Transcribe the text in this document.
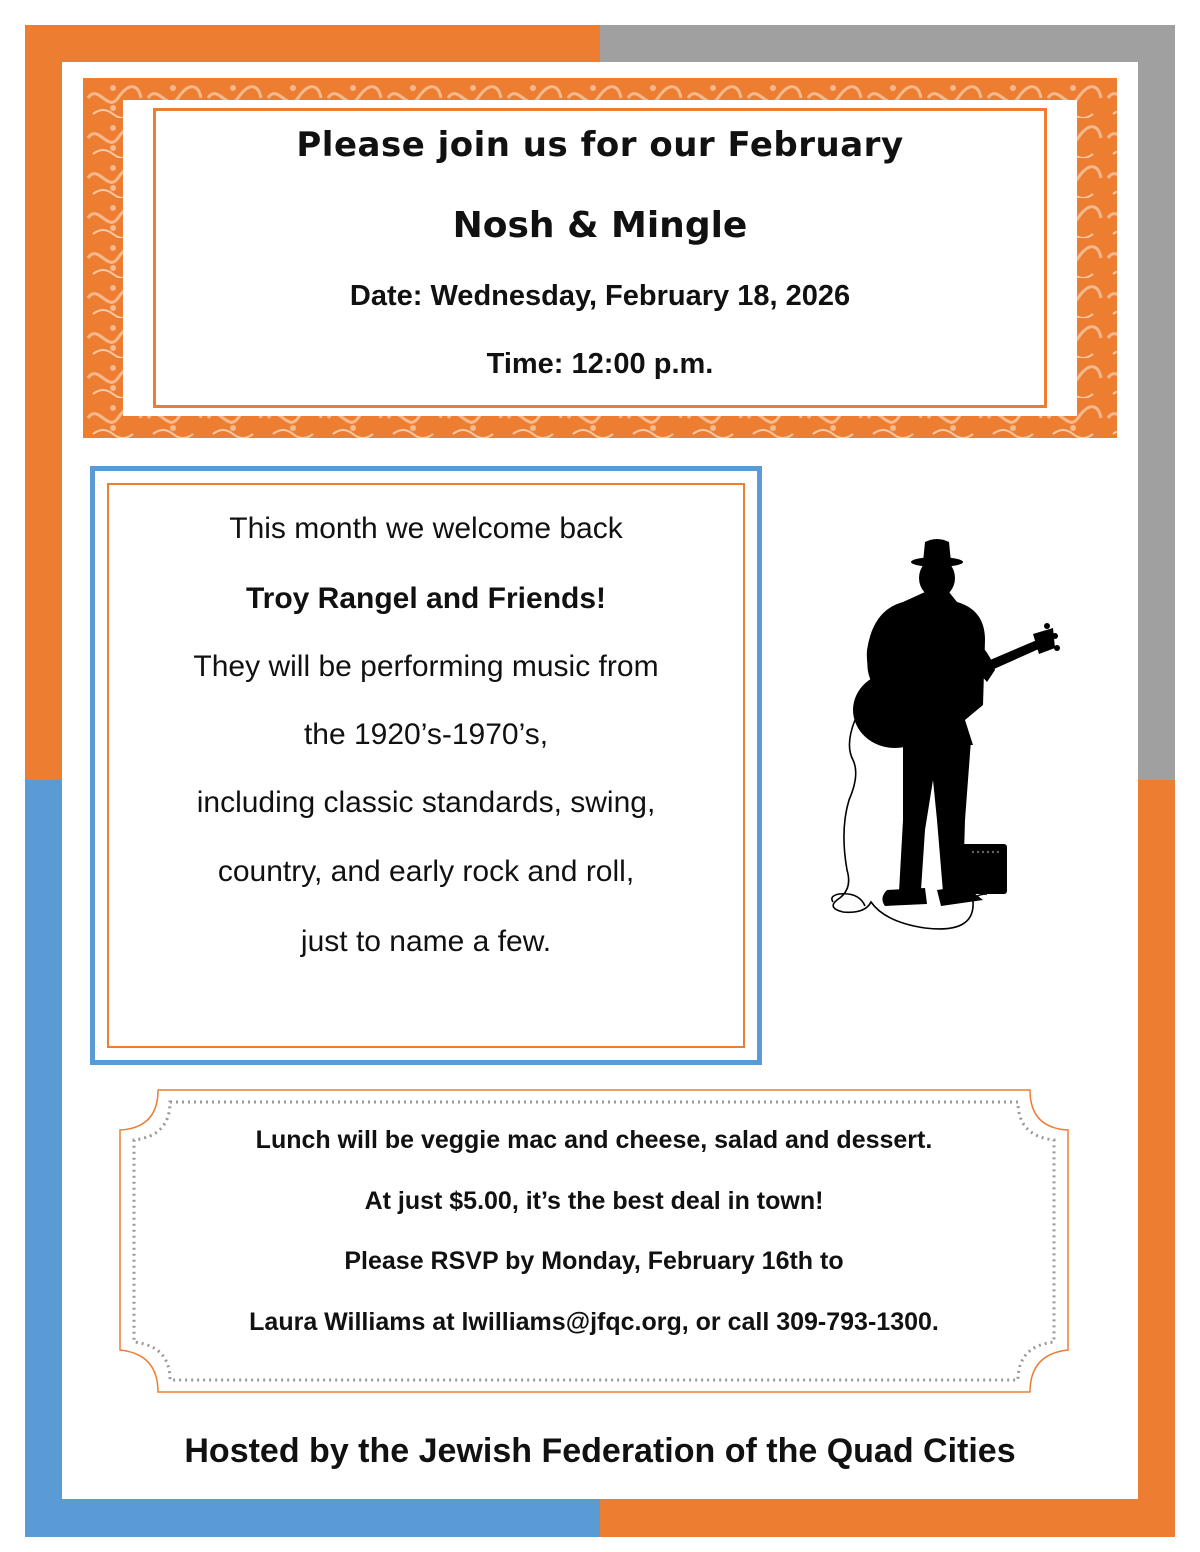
Please join us for our February
Nosh & Mingle
Date: Wednesday, February 18, 2026
Time: 12:00 p.m.
This month we welcome back
Troy Rangel and Friends!
They will be performing music from
the 1920’s-1970’s,
including classic standards, swing,
country, and early rock and roll,
just to name a few.
Lunch will be veggie mac and cheese, salad and dessert.
At just $5.00, it’s the best deal in town!
Please RSVP by Monday, February 16th to
Laura Williams at lwilliams@jfqc.org, or call 309-793-1300.
Hosted by the Jewish Federation of the Quad Cities
